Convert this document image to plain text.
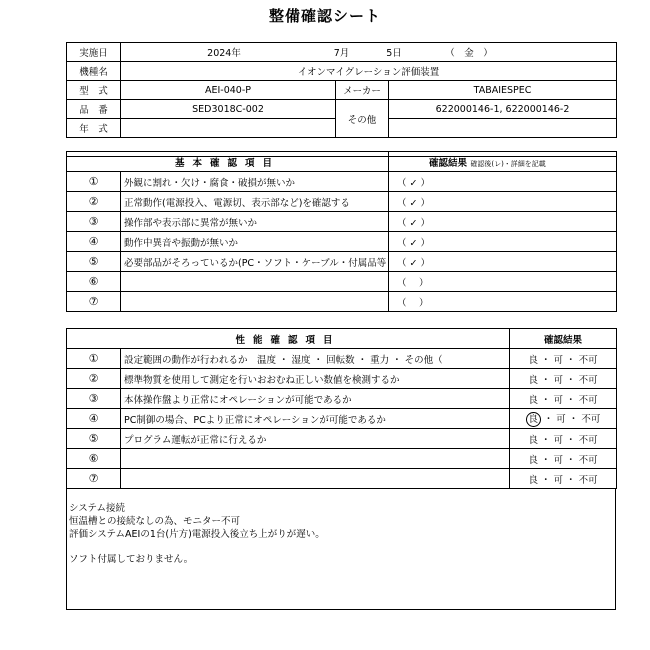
整備確認シート
実施日	2024年 7月 5日 （　金　）		
機種名	イオンマイグレーション評価装置		
型　式	AEI-040-P	メーカー	TABAIESPEC
品　番	SED3018C-002	その他	622000146-1, 622000146-2
年　式			

基本確認項目		確認結果 確認後(レ)・詳細を記載
①	外観に割れ・欠け・腐食・破損が無いか	（ ✓ ）
②	正常動作(電源投入、電源切、表示部など)を確認する	（ ✓ ）
③	操作部や表示部に異常が無いか	（ ✓ ）
④	動作中異音や振動が無いか	（ ✓ ）
⑤	必要部品がそろっているか(PC・ソフト・ケーブル・付属品等	（ ✓ ）
⑥		（　 ）
⑦		（　 ）
性能確認項目		確認結果
①	設定範囲の動作が行われるか　温度 ・ 湿度 ・ 回転数 ・ 重力 ・ その他（	良 ・ 可 ・ 不可
②	標準物質を使用して測定を行いおおむね正しい数値を検測するか	良 ・ 可 ・ 不可
③	本体操作盤より正常にオペレーションが可能であるか	良 ・ 可 ・ 不可
④	PC制御の場合、PCより正常にオペレーションが可能であるか	良 ・ 可 ・ 不可
⑤	プログラム運転が正常に行えるか	良 ・ 可 ・ 不可
⑥		良 ・ 可 ・ 不可
⑦		良 ・ 可 ・ 不可
システム接続
恒温槽との接続なしの為、モニター不可
評価システムAEIの1台(片方)電源投入後立ち上がりが遅い。
ソフト付属しておりません。
